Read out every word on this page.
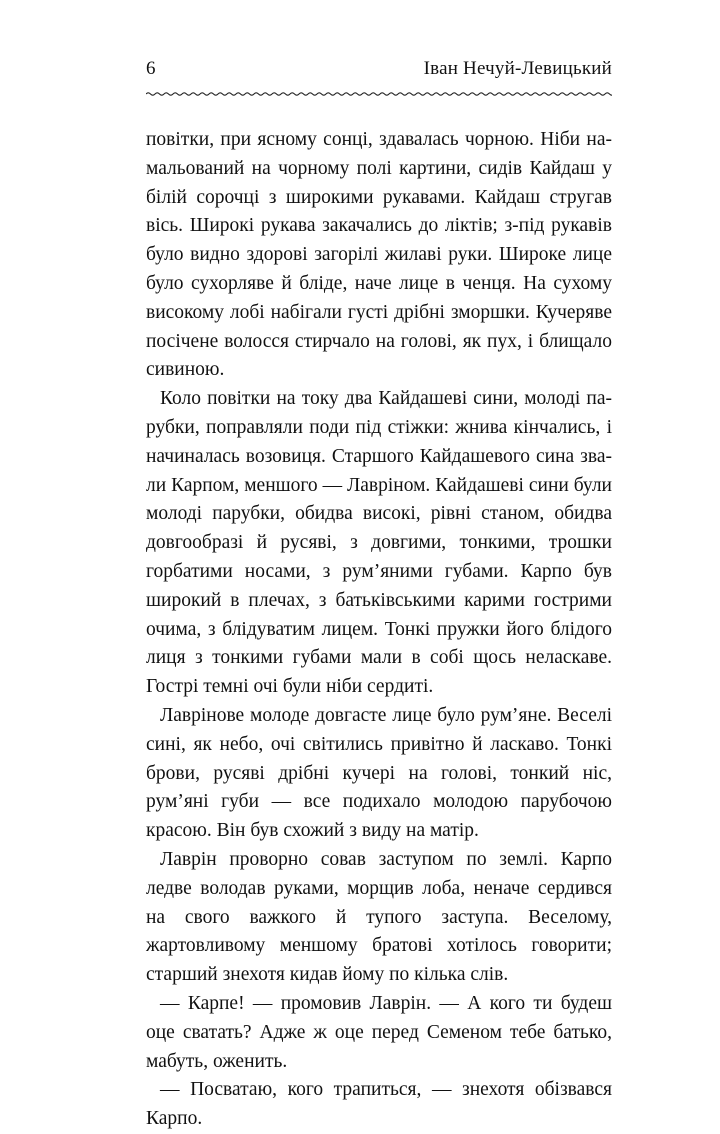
6	Іван Нечуй-Левицький

повітки, при ясному сонці, здавалась чорною. Ніби намальований на чорному полі картини, сидів Кайдаш у білій сорочці з широкими рукавами. Кайдаш стругав вісь. Широкі рукава закачались до ліктів; з-під рукавів було видно здорові загорілі жилаві руки. Широке лице було сухорляве й бліде, наче лице в ченця. На сухому високому лобі набігали густі дрібні зморшки. Кучеряве посічене волосся стирчало на голові, як пух, і блищало сивиною.

Коло повітки на току два Кайдашеві сини, молоді парубки, поправляли поди під стіжки: жнива кінчались, і начиналась возовиця. Старшого Кайдашевого сина звали Карпом, меншого — Лавріном. Кайдашеві сини були молоді парубки, обидва високі, рівні станом, обидва довгообразі й русяві, з довгими, тонкими, трошки горбатими носами, з рум’яними губами. Карпо був широкий в плечах, з батьківськими карими гострими очима, з блідуватим лицем. Тонкі пружки його блідого лиця з тонкими губами мали в собі щось неласкаве. Гострі темні очі були ніби сердиті.

Лаврінове молоде довгасте лице було рум’яне. Веселі сині, як небо, очі світились привітно й ласкаво. Тонкі брови, русяві дрібні кучері на голові, тонкий ніс, рум’яні губи — все подихало молодою парубочою красою. Він був схожий з виду на матір.

Лаврін проворно совав заступом по землі. Карпо ледве володав руками, морщив лоба, неначе сердився на свого важкого й тупого заступа. Веселому, жартовливому меншому братові хотілось говорити; старший знехотя кидав йому по кілька слів.

— Карпе! — промовив Лаврін. — А кого ти будеш оце сватать? Адже ж оце перед Семеном тебе батько, мабуть, оженить.

— Посватаю, кого трапиться, — знехотя обізвався Карпо.
